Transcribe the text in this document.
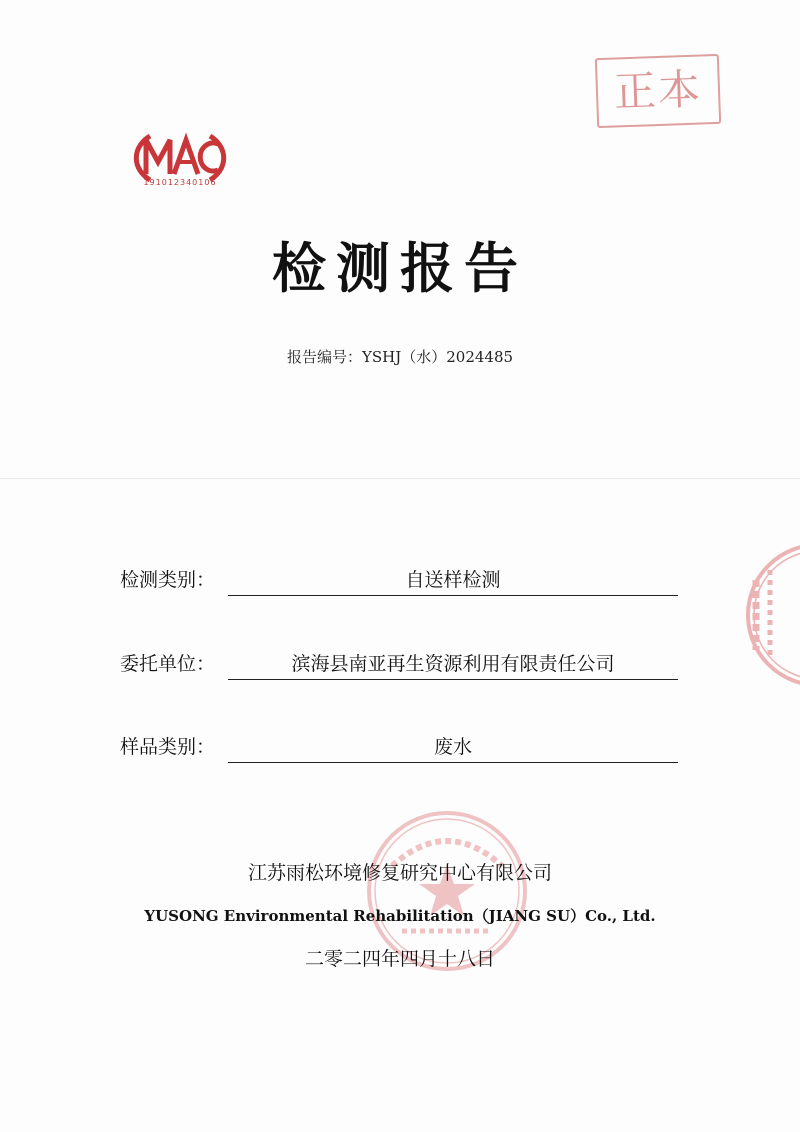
191012340106
正本
检测报告
报告编号：YSHJ（水）2024485
检测类别：	自送样检测
委托单位：	滨海县南亚再生资源利用有限责任公司
样品类别：	废水
江苏雨松环境修复研究中心有限公司
YUSONG Environmental Rehabilitation（JIANG SU）Co., Ltd.
二零二四年四月十八日
